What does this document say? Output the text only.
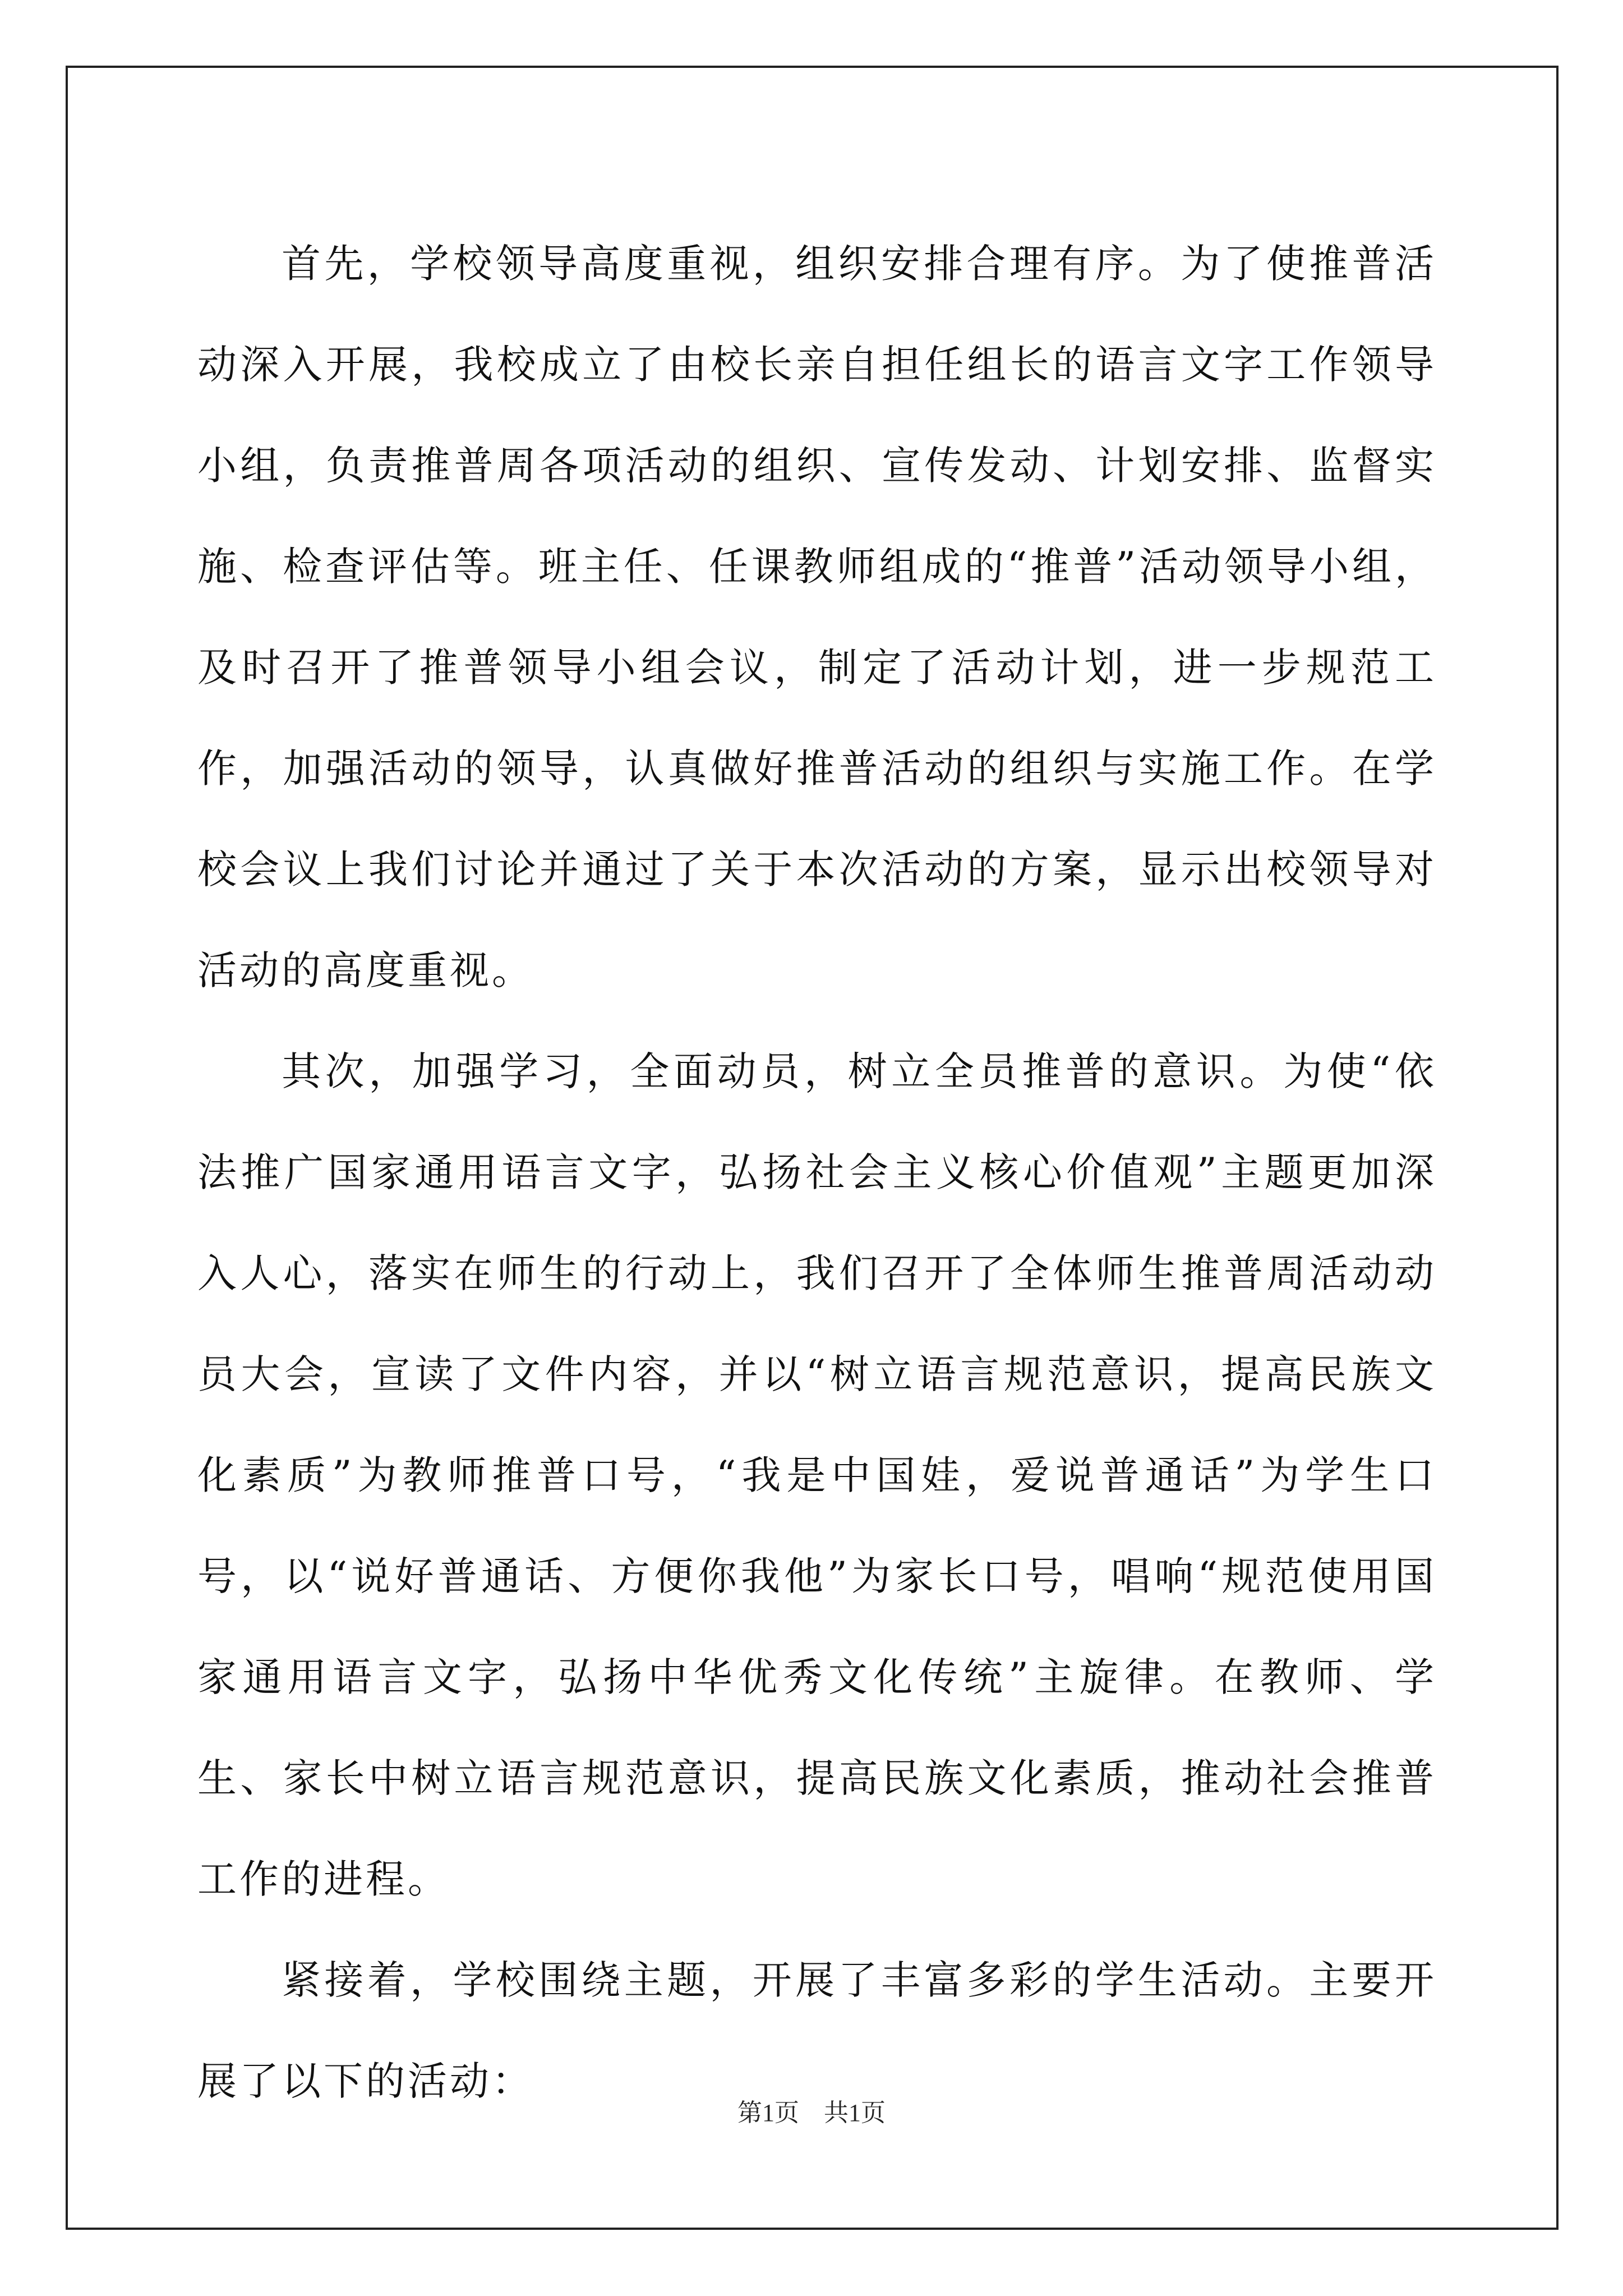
首先，学校领导高度重视，组织安排合理有序。为了使推普活动深入开展，我校成立了由校长亲自担任组长的语言文字工作领导小组，负责推普周各项活动的组织、宣传发动、计划安排、监督实施、检查评估等。班主任、任课教师组成的“推普”活动领导小组，及时召开了推普领导小组会议，制定了活动计划，进一步规范工作，加强活动的领导，认真做好推普活动的组织与实施工作。在学校会议上我们讨论并通过了关于本次活动的方案，显示出校领导对活动的高度重视。

其次，加强学习，全面动员，树立全员推普的意识。为使“依法推广国家通用语言文字，弘扬社会主义核心价值观”主题更加深入人心，落实在师生的行动上，我们召开了全体师生推普周活动动员大会，宣读了文件内容，并以“树立语言规范意识，提高民族文化素质”为教师推普口号，“我是中国娃，爱说普通话”为学生口号，以“说好普通话、方便你我他”为家长口号，唱响“规范使用国家通用语言文字，弘扬中华优秀文化传统”主旋律。在教师、学生、家长中树立语言规范意识，提高民族文化素质，推动社会推普工作的进程。

紧接着，学校围绕主题，开展了丰富多彩的学生活动。主要开展了以下的活动：

第1页　共1页
